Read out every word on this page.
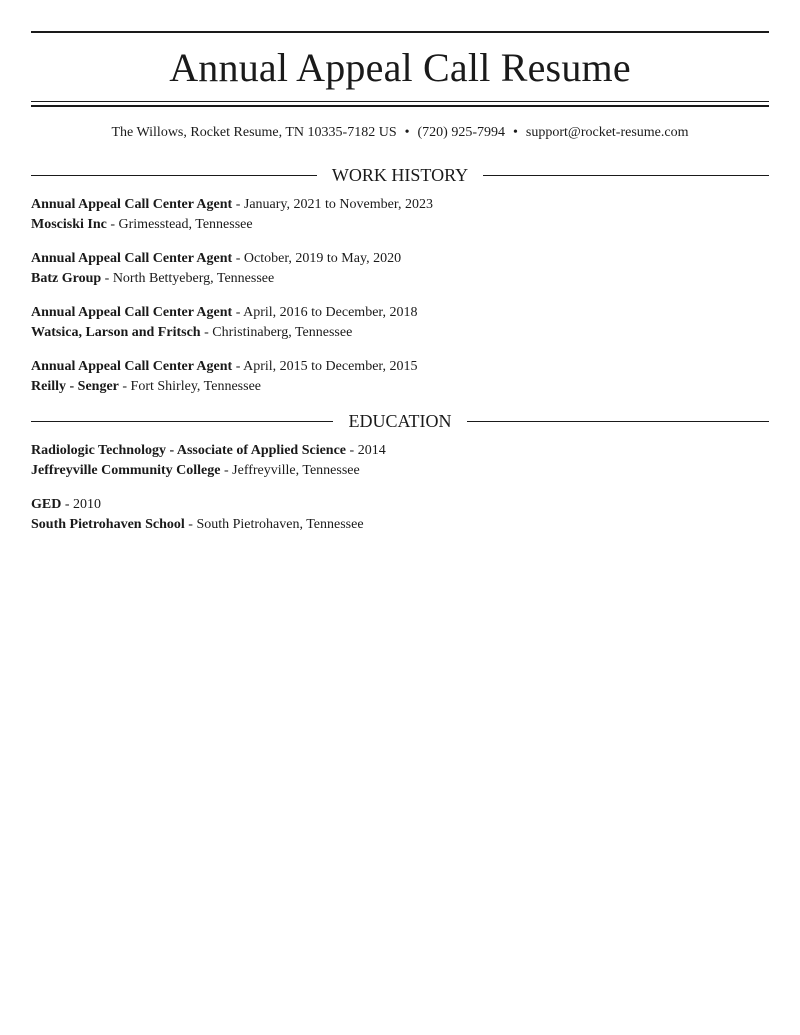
Annual Appeal Call Resume
The Willows, Rocket Resume, TN 10335-7182 US • (720) 925-7994 • support@rocket-resume.com
WORK HISTORY
Annual Appeal Call Center Agent - January, 2021 to November, 2023
Mosciski Inc - Grimesstead, Tennessee
Annual Appeal Call Center Agent - October, 2019 to May, 2020
Batz Group - North Bettyeberg, Tennessee
Annual Appeal Call Center Agent - April, 2016 to December, 2018
Watsica, Larson and Fritsch - Christinaberg, Tennessee
Annual Appeal Call Center Agent - April, 2015 to December, 2015
Reilly - Senger - Fort Shirley, Tennessee
EDUCATION
Radiologic Technology - Associate of Applied Science - 2014
Jeffreyville Community College - Jeffreyville, Tennessee
GED - 2010
South Pietrohaven School - South Pietrohaven, Tennessee
